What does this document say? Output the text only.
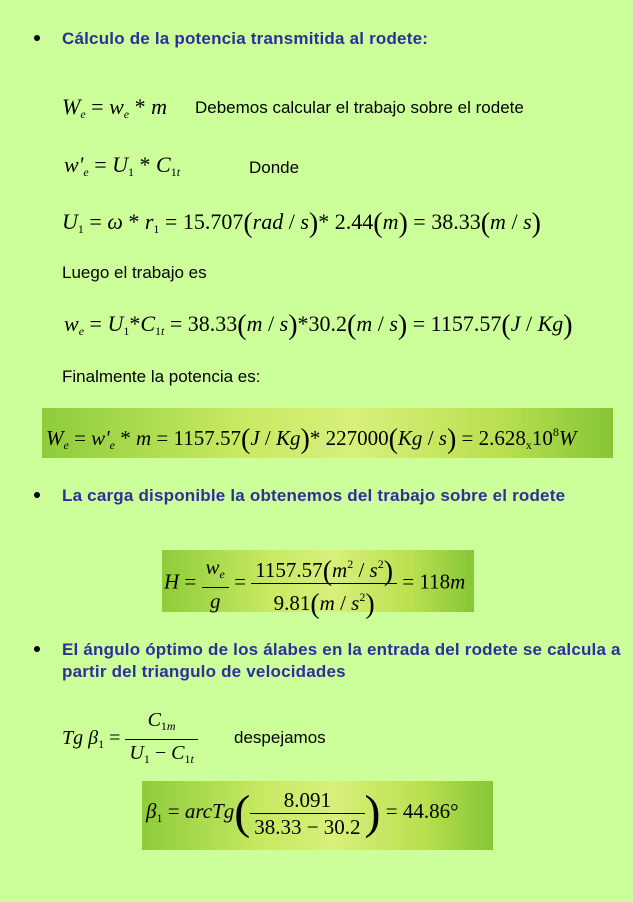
Cálculo de la potencia transmitida al rodete:
$W_e = w_e * m$ Debemos calcular el trabajo sobre el rodete
$w'_e = U_1 * C_{1t}$	Donde
$U_1 = \omega * r_1 = 15.707(rad / s)*$ 2.44(m) = 38.33(m / s)
Luego el trabajo es
$w_e = U_1*C_{1t} = 38.33(m / s)*30.2(m / s) = 1157.57(J / Kg)$
Finalmente la potencia es:
$W_e = w'_e * m = 1157.57(J / Kg)*$ $227000(Kg / s) = 2.628_x10^8W$
La carga disponible la obtenemos del trabajo sobre el rodete
$H = \frac{w_e}{g} = \frac{1157.57(m^2 / s^2)}{9.81(m / s^2)} = 118m$
El ángulo óptimo de los álabes en la entrada del rodete se calcula a partir del triangulo de velocidades
Tg $\beta_1 = \frac{C_{1m}}{U_1 - C_{1t}}$ despejamos
$\beta_1$ = arcTg( $\frac{8.091}{38.33 - 30.2}$ ) = 44.86°
